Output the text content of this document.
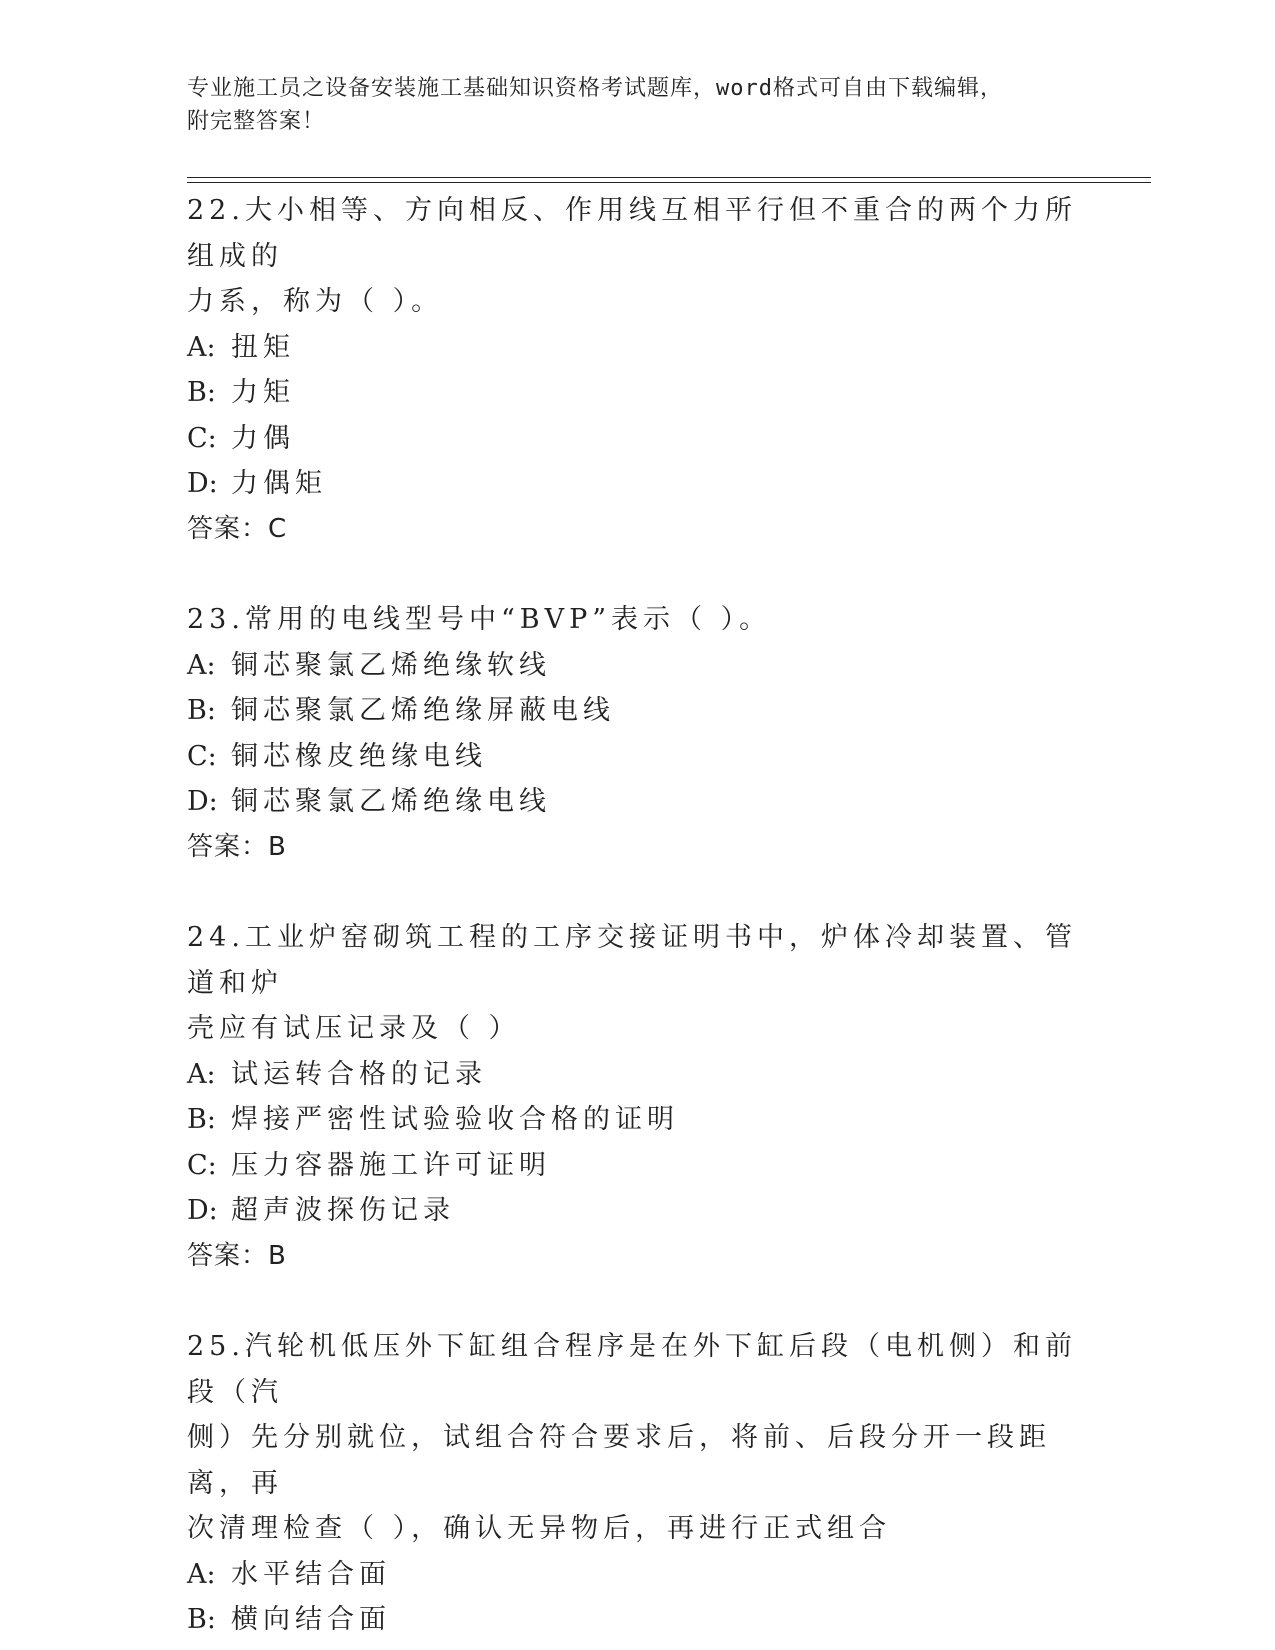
专业施工员之设备安装施工基础知识资格考试题库，word格式可自由下载编辑，
附完整答案！

22.大小相等、方向相反、作用线互相平行但不重合的两个力所组成的

力系，称为（ ）。

A: 扭矩

B: 力矩

C: 力偶

D: 力偶矩

答案：C

23.常用的电线型号中“BVP”表示（ ）。

A: 铜芯聚氯乙烯绝缘软线

B: 铜芯聚氯乙烯绝缘屏蔽电线

C: 铜芯橡皮绝缘电线

D: 铜芯聚氯乙烯绝缘电线

答案：B

24.工业炉窑砌筑工程的工序交接证明书中，炉体冷却装置、管道和炉

壳应有试压记录及（ ）

A: 试运转合格的记录

B: 焊接严密性试验验收合格的证明

C: 压力容器施工许可证明

D: 超声波探伤记录

答案：B

25.汽轮机低压外下缸组合程序是在外下缸后段（电机侧）和前段（汽

侧）先分别就位，试组合符合要求后，将前、后段分开一段距离，再

次清理检查（ ），确认无异物后，再进行正式组合

A: 水平结合面

B: 横向结合面
